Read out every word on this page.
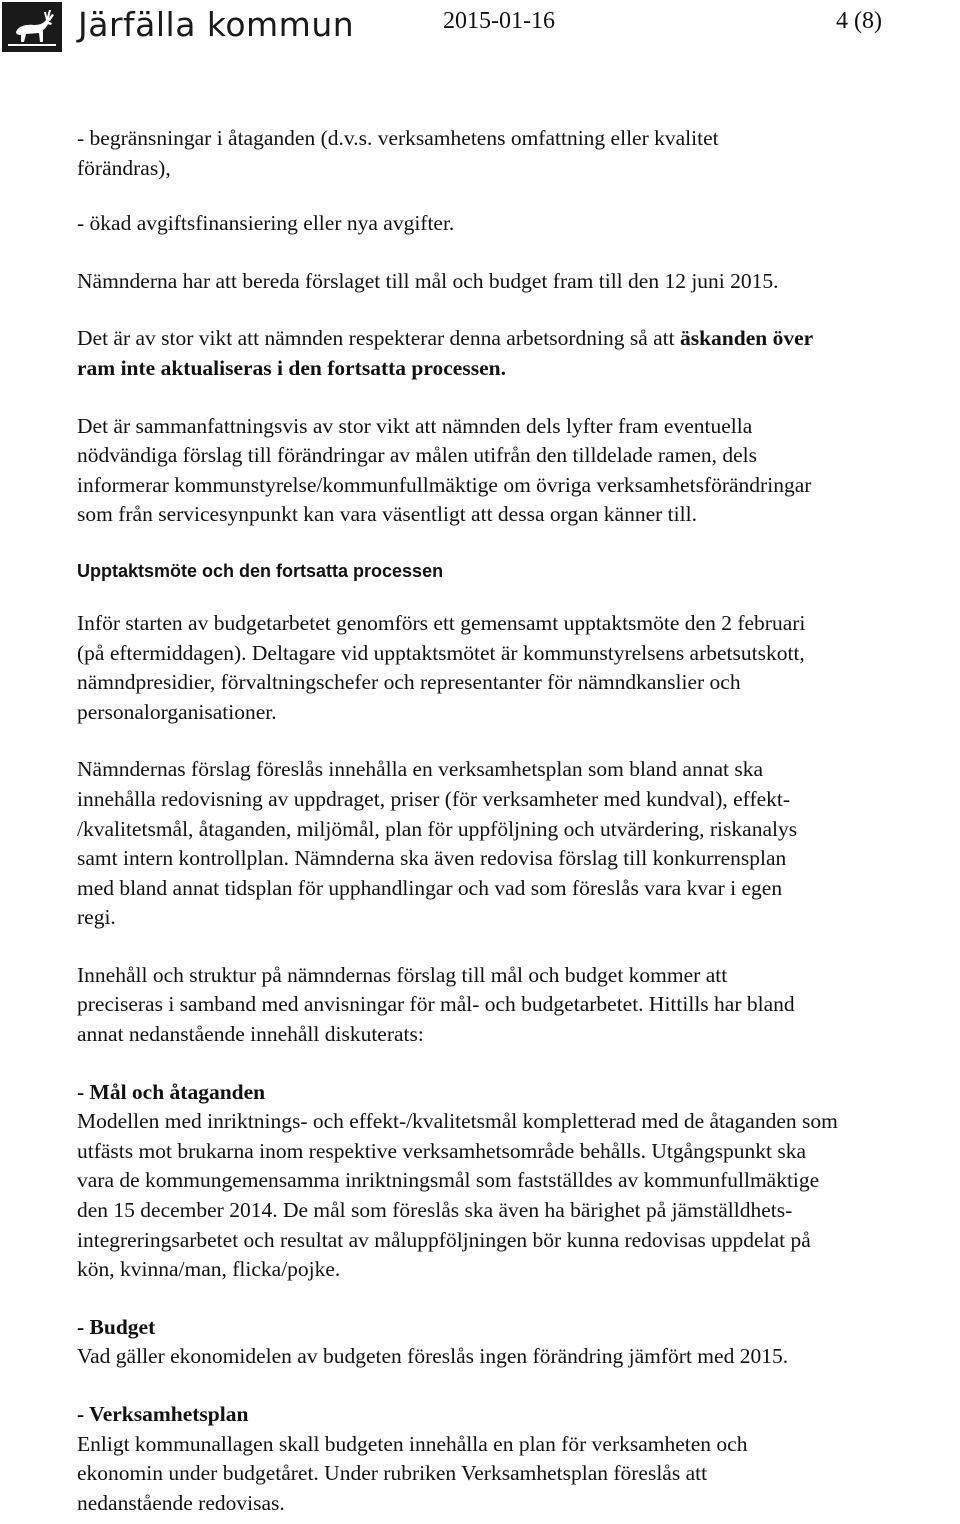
Järfälla kommun	2015-01-16	4 (8)

- begränsningar i åtaganden (d.v.s. verksamhetens omfattning eller kvalitet
förändras),

- ökad avgiftsfinansiering eller nya avgifter.

Nämnderna har att bereda förslaget till mål och budget fram till den 12 juni 2015.

Det är av stor vikt att nämnden respekterar denna arbetsordning så att äskanden över
ram inte aktualiseras i den fortsatta processen.

Det är sammanfattningsvis av stor vikt att nämnden dels lyfter fram eventuella
nödvändiga förslag till förändringar av målen utifrån den tilldelade ramen, dels
informerar kommunstyrelse/kommunfullmäktige om övriga verksamhetsförändringar
som från servicesynpunkt kan vara väsentligt att dessa organ känner till.

Upptaktsmöte och den fortsatta processen

Inför starten av budgetarbetet genomförs ett gemensamt upptaktsmöte den 2 februari
(på eftermiddagen). Deltagare vid upptaktsmötet är kommunstyrelsens arbetsutskott,
nämndpresidier, förvaltningschefer och representanter för nämndkanslier och
personalorganisationer.

Nämndernas förslag föreslås innehålla en verksamhetsplan som bland annat ska
innehålla redovisning av uppdraget, priser (för verksamheter med kundval), effekt-
/kvalitetsmål, åtaganden, miljömål, plan för uppföljning och utvärdering, riskanalys
samt intern kontrollplan. Nämnderna ska även redovisa förslag till konkurrensplan
med bland annat tidsplan för upphandlingar och vad som föreslås vara kvar i egen
regi.

Innehåll och struktur på nämndernas förslag till mål och budget kommer att
preciseras i samband med anvisningar för mål- och budgetarbetet. Hittills har bland
annat nedanstående innehåll diskuterats:

- Mål och åtaganden
Modellen med inriktnings- och effekt-/kvalitetsmål kompletterad med de åtaganden som
utfästs mot brukarna inom respektive verksamhetsområde behålls. Utgångspunkt ska
vara de kommungemensamma inriktningsmål som fastställdes av kommunfullmäktige
den 15 december 2014. De mål som föreslås ska även ha bärighet på jämställdhets-
integreringsarbetet och resultat av måluppföljningen bör kunna redovisas uppdelat på
kön, kvinna/man, flicka/pojke.

- Budget
Vad gäller ekonomidelen av budgeten föreslås ingen förändring jämfört med 2015.

- Verksamhetsplan
Enligt kommunallagen skall budgeten innehålla en plan för verksamheten och
ekonomin under budgetåret. Under rubriken Verksamhetsplan föreslås att
nedanstående redovisas.
